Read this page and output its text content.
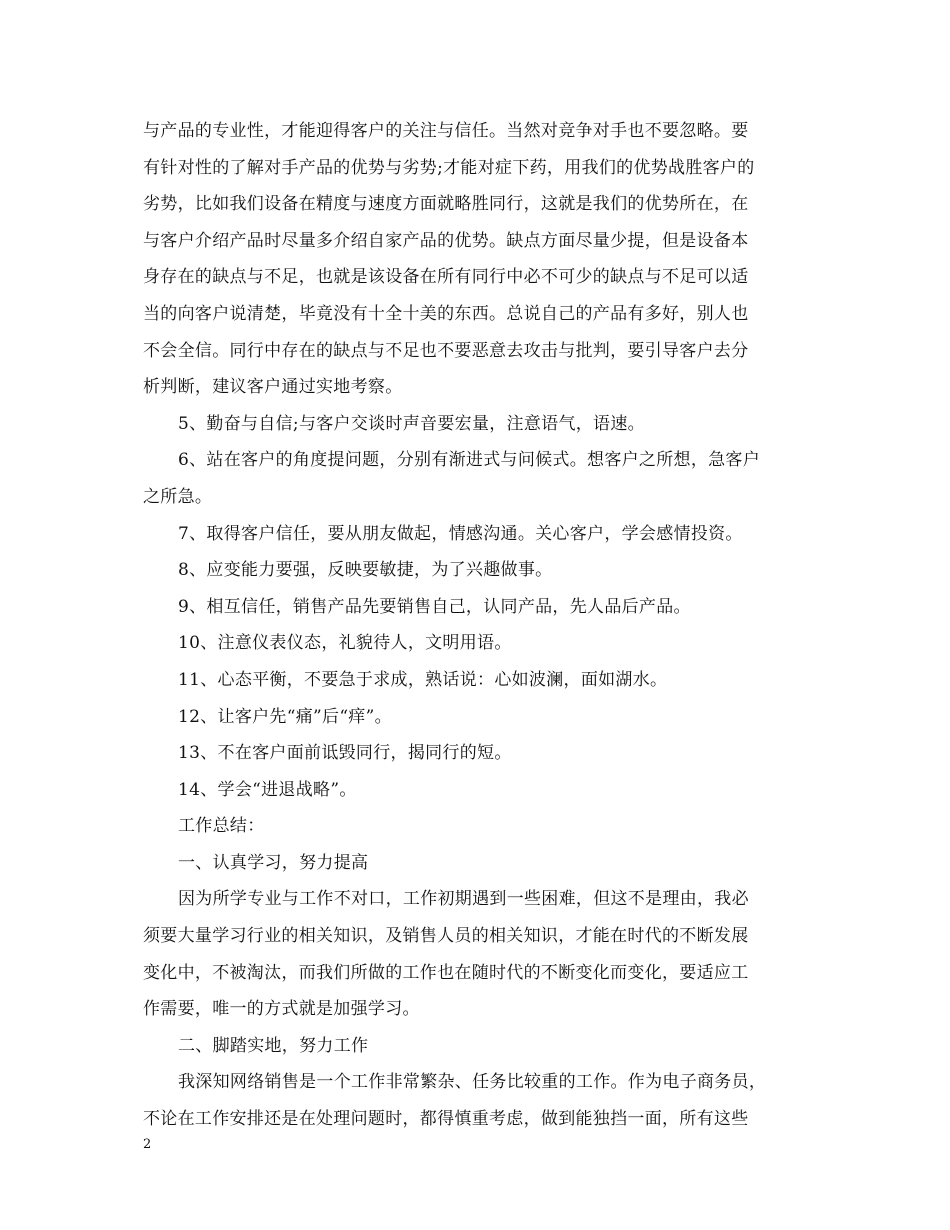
与产品的专业性，才能迎得客户的关注与信任。当然对竞争对手也不要忽略。要
有针对性的了解对手产品的优势与劣势;才能对症下药，用我们的优势战胜客户的
劣势，比如我们设备在精度与速度方面就略胜同行，这就是我们的优势所在，在
与客户介绍产品时尽量多介绍自家产品的优势。缺点方面尽量少提，但是设备本
身存在的缺点与不足，也就是该设备在所有同行中必不可少的缺点与不足可以适
当的向客户说清楚，毕竟没有十全十美的东西。总说自己的产品有多好，别人也
不会全信。同行中存在的缺点与不足也不要恶意去攻击与批判，要引导客户去分
析判断，建议客户通过实地考察。
5、勤奋与自信;与客户交谈时声音要宏量，注意语气，语速。
6、站在客户的角度提问题，分别有渐进式与问候式。想客户之所想，急客户
之所急。
7、取得客户信任，要从朋友做起，情感沟通。关心客户，学会感情投资。
8、应变能力要强，反映要敏捷，为了兴趣做事。
9、相互信任，销售产品先要销售自己，认同产品，先人品后产品。
10、注意仪表仪态，礼貌待人，文明用语。
11、心态平衡，不要急于求成，熟话说：心如波澜，面如湖水。
12、让客户先“痛”后“痒”。
13、不在客户面前诋毁同行，揭同行的短。
14、学会“进退战略”。
工作总结：
一、认真学习，努力提高
因为所学专业与工作不对口，工作初期遇到一些困难，但这不是理由，我必
须要大量学习行业的相关知识，及销售人员的相关知识，才能在时代的不断发展
变化中，不被淘汰，而我们所做的工作也在随时代的不断变化而变化，要适应工
作需要，唯一的方式就是加强学习。
二、脚踏实地，努力工作
我深知网络销售是一个工作非常繁杂、任务比较重的工作。作为电子商务员，
不论在工作安排还是在处理问题时，都得慎重考虑，做到能独挡一面，所有这些
2
